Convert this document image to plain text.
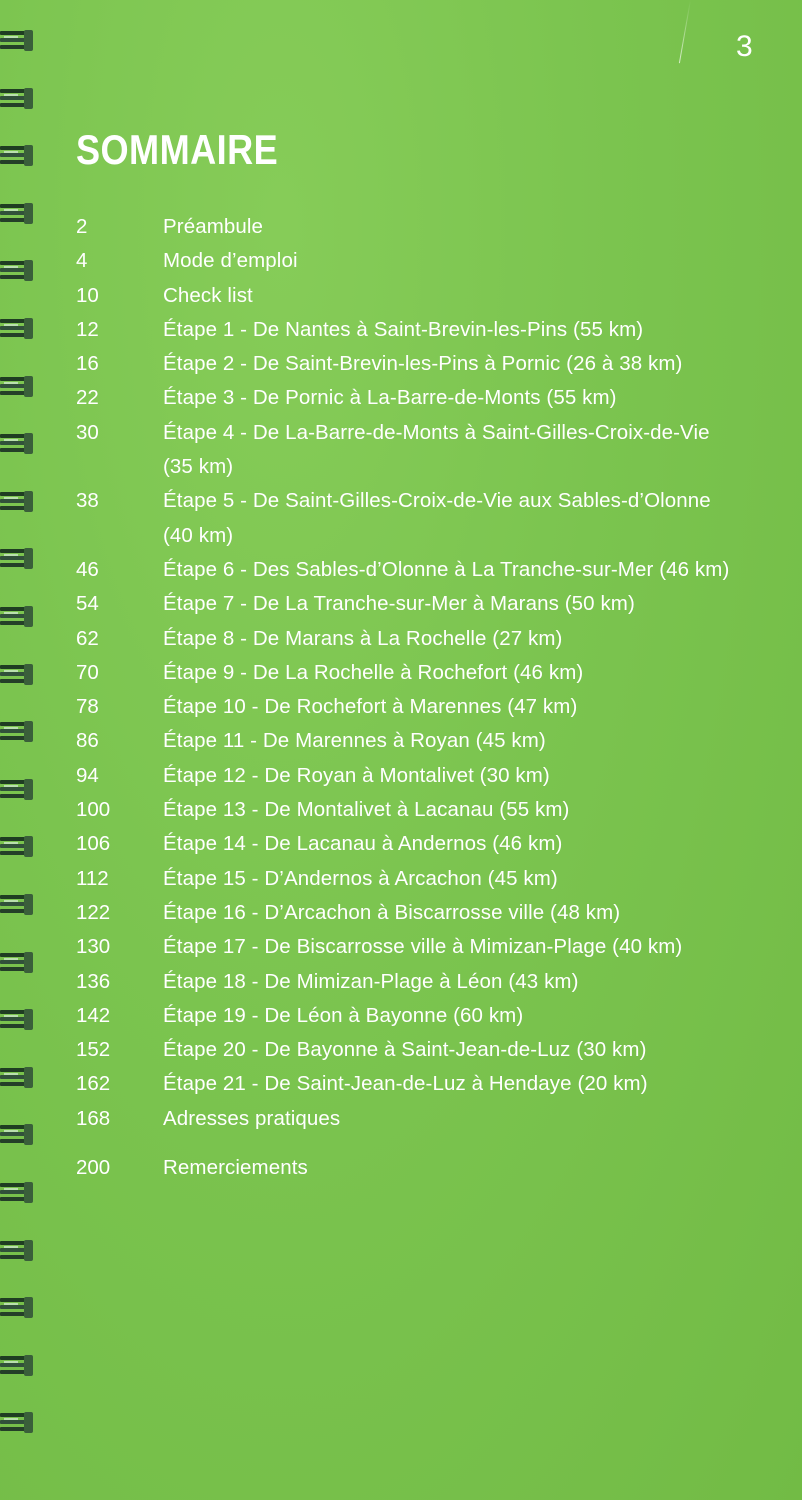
3
SOMMAIRE
2	Préambule
4	Mode d’emploi
10	Check list
12	Étape 1 - De Nantes à Saint-Brevin-les-Pins (55 km)
16	Étape 2 - De Saint-Brevin-les-Pins à Pornic (26 à 38 km)
22	Étape 3 - De Pornic à La-Barre-de-Monts (55 km)
30	Étape 4 - De La-Barre-de-Monts à Saint-Gilles-Croix-de-Vie
(35 km)
38	Étape 5 - De Saint-Gilles-Croix-de-Vie aux Sables-d’Olonne
(40 km)
46	Étape 6 - Des Sables-d’Olonne à La Tranche-sur-Mer (46 km)
54	Étape 7 - De La Tranche-sur-Mer à Marans (50 km)
62	Étape 8 - De Marans à La Rochelle (27 km)
70	Étape 9 - De La Rochelle à Rochefort (46 km)
78	Étape 10 - De Rochefort à Marennes (47 km)
86	Étape 11 - De Marennes à Royan (45 km)
94	Étape 12 - De Royan à Montalivet (30 km)
100	Étape 13 - De Montalivet à Lacanau (55 km)
106	Étape 14 - De Lacanau à Andernos (46 km)
112	Étape 15 - D’Andernos à Arcachon (45 km)
122	Étape 16 - D’Arcachon à Biscarrosse ville (48 km)
130	Étape 17 - De Biscarrosse ville à Mimizan-Plage (40 km)
136	Étape 18 - De Mimizan-Plage à Léon (43 km)
142	Étape 19 - De Léon à Bayonne (60 km)
152	Étape 20 - De Bayonne à Saint-Jean-de-Luz (30 km)
162	Étape 21 - De Saint-Jean-de-Luz à Hendaye (20 km)
168	Adresses pratiques
200	Remerciements
